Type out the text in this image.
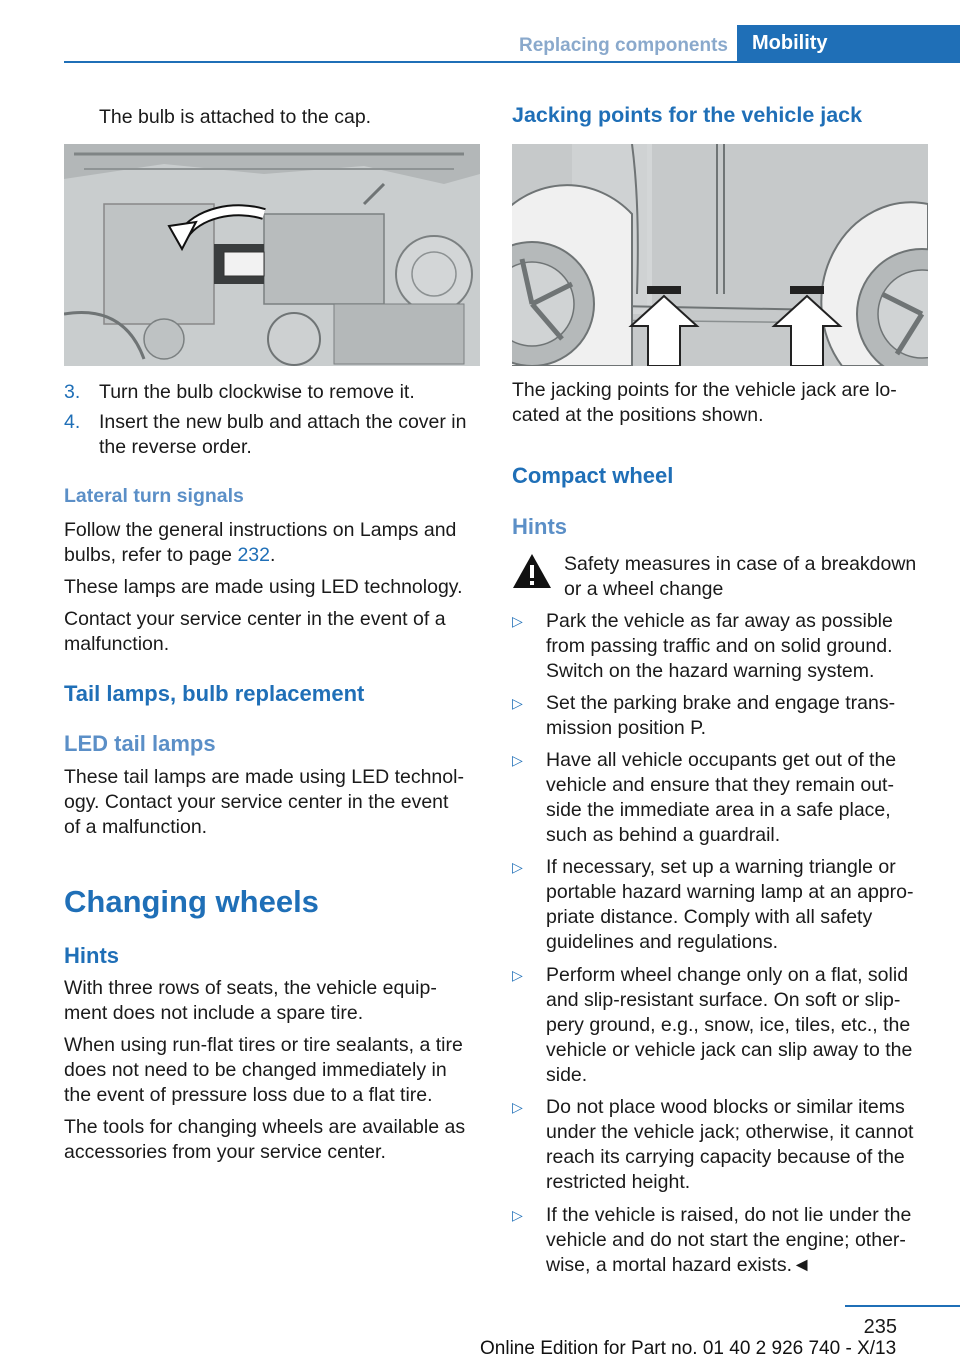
Replacing components	Mobility

The bulb is attached to the cap.

3. Turn the bulb clockwise to remove it.

4. Insert the new bulb and attach the cover in

the reverse order.

Lateral turn signals

Follow the general instructions on Lamps and

bulbs, refer to page 232.

These lamps are made using LED technology.

Contact your service center in the event of a

malfunction.

Tail lamps, bulb replacement
LED tail lamps

These tail lamps are made using LED technol‐

ogy. Contact your service center in the event

of a malfunction.

Changing wheels
Hints

With three rows of seats, the vehicle equip‐

ment does not include a spare tire.

When using run-flat tires or tire sealants, a tire

does not need to be changed immediately in

the event of pressure loss due to a flat tire.

The tools for changing wheels are available as

accessories from your service center.

Jacking points for the vehicle jack

The jacking points for the vehicle jack are lo‐

cated at the positions shown.

Compact wheel
Hints

Safety measures in case of a breakdown

or a wheel change

▷ Park the vehicle as far away as possible

from passing traffic and on solid ground.

Switch on the hazard warning system.

▷ Set the parking brake and engage trans‐

mission position P.

▷ Have all vehicle occupants get out of the

vehicle and ensure that they remain out‐

side the immediate area in a safe place,

such as behind a guardrail.

▷ If necessary, set up a warning triangle or

portable hazard warning lamp at an appro‐

priate distance. Comply with all safety

guidelines and regulations.

▷ Perform wheel change only on a flat, solid

and slip-resistant surface. On soft or slip‐

pery ground, e.g., snow, ice, tiles, etc., the

vehicle or vehicle jack can slip away to the

side.

▷ Do not place wood blocks or similar items

under the vehicle jack; otherwise, it cannot

reach its carrying capacity because of the

restricted height.

▷ If the vehicle is raised, do not lie under the

vehicle and do not start the engine; other‐

wise, a mortal hazard exists.◄

235
Online Edition for Part no. 01 40 2 926 740 - X/13
